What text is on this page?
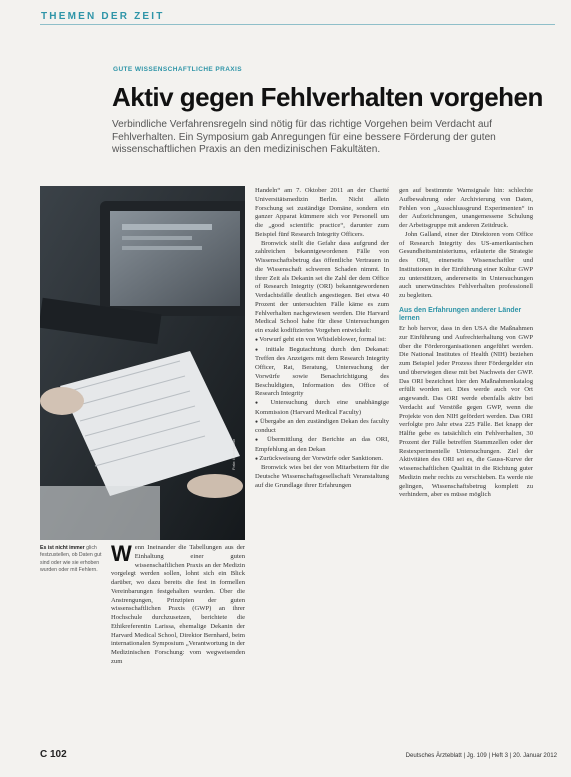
THEMEN DER ZEIT
GUTE WISSENSCHAFTLICHE PRAXIS
Aktiv gegen Fehlverhalten vorgehen
Verbindliche Verfahrensregeln sind nötig für das richtige Vorgehen beim Verdacht auf Fehlverhalten. Ein Symposium gab Anregungen für eine bessere Förderung der guten wissenschaftlichen Praxis an den medizinischen Fakultäten.
Foto: iStockphoto
Es ist nicht immer glich festzustellen, ob Daten gut sind oder wie sie erhoben wurden oder mit Fehlern.

Wenn Ineinander die Tabellungen aus der Einhaltung einer guten wissenschaftlichen Praxis an der Medizin vorgelegt werden sollen, lohnt sich ein Blick darüber, wo dazu bereits die fest in formellen Vereinbarungen festgehalten wurden. Über die Anstrengungen, Prinzipien der guten wissenschaftlichen Praxis (GWP) an ihrer Hochschule durchzusetzen, berichtete die Ethikreferentin Larissa, ehemalige Dekanin der Harvard Medical School, Direktor Bernhard, beim internationalen Symposium „Verantwortung in der Medizinischen Forschung: vom wegweisenden zum

Handeln“ am 7. Oktober 2011 an der Charité Universitätsmedizin Berlin. Nicht allein Forschung sei zuständige Domäne, sondern ein ganzer Apparat kümmere sich vor Personell um die „good scientific practice“, darunter zum Beispiel fünf Research Integrity Officers.

Bronwick stellt die Gefahr dass aufgrund der zahlreichen bekanntgewordenen Fälle von Wissenschaftsbetrug das öffentliche Vertrauen in die Wissenschaft schweren Schaden nimmt. In ihrer Zeit als Dekanin sei die Zahl der dem Office of Research Integrity (ORI) bekanntgewordenen Verdachtsfälle deutlich angestiegen. Bei etwa 40 Prozent der untersuchten Fälle käme es zum Fehlverhalten nachgewiesen werden. Die Harvard Medical School habe für diese Untersuchungen ein exakt kodifiziertes Vorgehen entwickelt:

● Vorwurf geht ein von Whistleblower, formal ist:

● initiale Begutachtung durch den Dekanat: Treffen des Anzeigers mit dem Research Integrity Officer, Rat, Beratung, Untersuchung der Vorwürfe sowie Benachrichtigung des Beschuldigten, Information des Office of Research Integrity

● Untersuchung durch eine unabhängige Kommission (Harvard Medical Faculty)

● Übergabe an den zuständigen Dekan des faculty conduct

● Übermittlung der Berichte an das ORI, Empfehlung an den Dekan

● Zurückweisung der Vorwürfe oder Sanktionen.

Bronwick wies bei der von Mitarbeitern für die Deutsche Wissenschaftsgesellschaft Veranstaltung auf die Grundlage ihrer Erfahrungen

gen auf bestimmte Warnsignale hin: schlechte Aufbewahrung oder Archivierung von Daten, Fehlen von „Ausschlussgrund Experimenten“ in der Aufzeichnungen, unangemessene Schulung der Arbeitsgruppe mit anderen Zeitdruck.

John Galland, einer der Direktoren vom Office of Research Integrity des US-amerikanischen Gesundheitsministeriums, erläuterte die Strategie des ORI, einerseits Wissenschaftler und Institutionen in der Einführung einer Kultur GWP zu unterstützen, andererseits in Untersuchungen auch unerwünschtes Fehlverhalten professionell zu begleiten.

Aus den Erfahrungen anderer Länder lernen

Er hob hervor, dass in den USA die Maßnahmen zur Einführung und Aufrechterhaltung von GWP über die Förderorganisationen angeführt werden. Die National Institutes of Health (NIH) beziehen zum Beispiel jeder Prozess ihrer Fördergelder ein und überwiegen diese mit bei Nachweis der GWP. Das ORI bezeichnet hier den Maßnahmenkatalog erfüllt worden sei. Dies werde auch vor Ort angewandt. Das ORI werde ebenfalls aktiv bei Verdacht auf Verstöße gegen GWP, wenn die Projekte von den NIH gefördert werden. Das ORI verfolgte pro Jahr etwa 225 Fälle. Bei knapp der Hälfte gebe es tatsächlich ein Fehlverhalten, 30 Prozent der Fälle betreffen Stammzellen oder der Restexperimentelle Untersuchungen. Ziel der Aktivitäten des ORI sei es, die Gauss-Kurve der wissenschaftlichen Qualität in die Richtung guter Medizin mehr rechts zu verschieben. Es werde nie gelingen, Wissenschaftsbetrug komplett zu verhindern, aber es müsse möglich

C 102	Deutsches Ärzteblatt | Jg. 109 | Heft 3 | 20. Januar 2012
